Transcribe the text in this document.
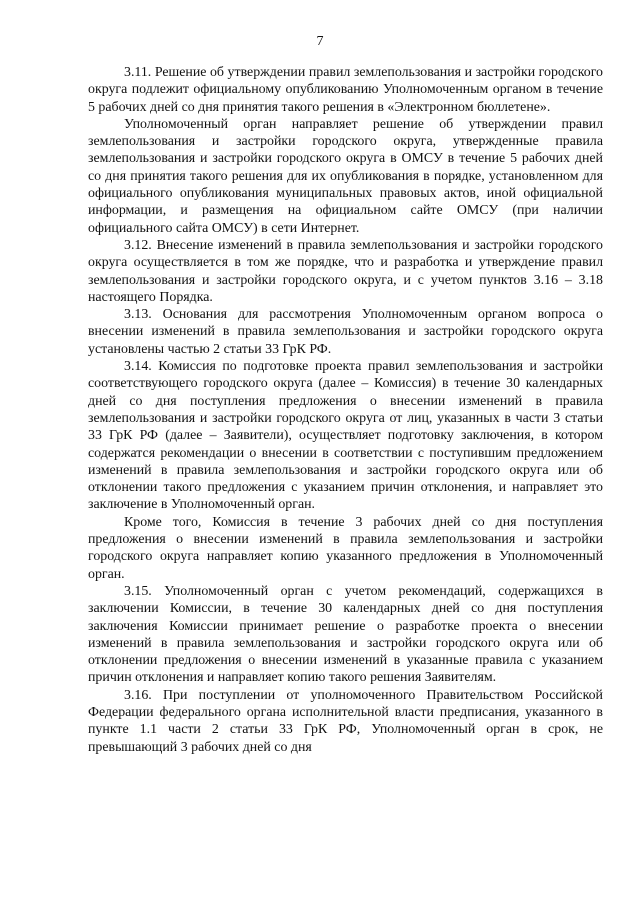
7

3.11. Решение об утверждении правил землепользования и застройки городского округа подлежит официальному опубликованию Уполномоченным органом в течение 5 рабочих дней со дня принятия такого решения в «Электронном бюллетене».

Уполномоченный орган направляет решение об утверждении правил землепользования и застройки городского округа, утвержденные правила землепользования и застройки городского округа в ОМСУ в течение 5 рабочих дней со дня принятия такого решения для их опубликования в порядке, установленном для официального опубликования муниципальных правовых актов, иной официальной информации, и размещения на официальном сайте ОМСУ (при наличии официального сайта ОМСУ) в сети Интернет.

3.12. Внесение изменений в правила землепользования и застройки городского округа осуществляется в том же порядке, что и разработка и утверждение правил землепользования и застройки городского округа, и с учетом пунктов 3.16 – 3.18 настоящего Порядка.

3.13. Основания для рассмотрения Уполномоченным органом вопроса о внесении изменений в правила землепользования и застройки городского округа установлены частью 2 статьи 33 ГрК РФ.

3.14. Комиссия по подготовке проекта правил землепользования и застройки соответствующего городского округа (далее – Комиссия) в течение 30 календарных дней со дня поступления предложения о внесении изменений в правила землепользования и застройки городского округа от лиц, указанных в части 3 статьи 33 ГрК РФ (далее – Заявители), осуществляет подготовку заключения, в котором содержатся рекомендации о внесении в соответствии с поступившим предложением изменений в правила землепользования и застройки городского округа или об отклонении такого предложения с указанием причин отклонения, и направляет это заключение в Уполномоченный орган.

Кроме того, Комиссия в течение 3 рабочих дней со дня поступления предложения о внесении изменений в правила землепользования и застройки городского округа направляет копию указанного предложения в Уполномоченный орган.

3.15. Уполномоченный орган с учетом рекомендаций, содержащихся в заключении Комиссии, в течение 30 календарных дней со дня поступления заключения Комиссии принимает решение о разработке проекта о внесении изменений в правила землепользования и застройки городского округа или об отклонении предложения о внесении изменений в указанные правила с указанием причин отклонения и направляет копию такого решения Заявителям.

3.16. При поступлении от уполномоченного Правительством Российской Федерации федерального органа исполнительной власти предписания, указанного в пункте 1.1 части 2 статьи 33 ГрК РФ, Уполномоченный орган в срок, не превышающий 3 рабочих дней со дня
